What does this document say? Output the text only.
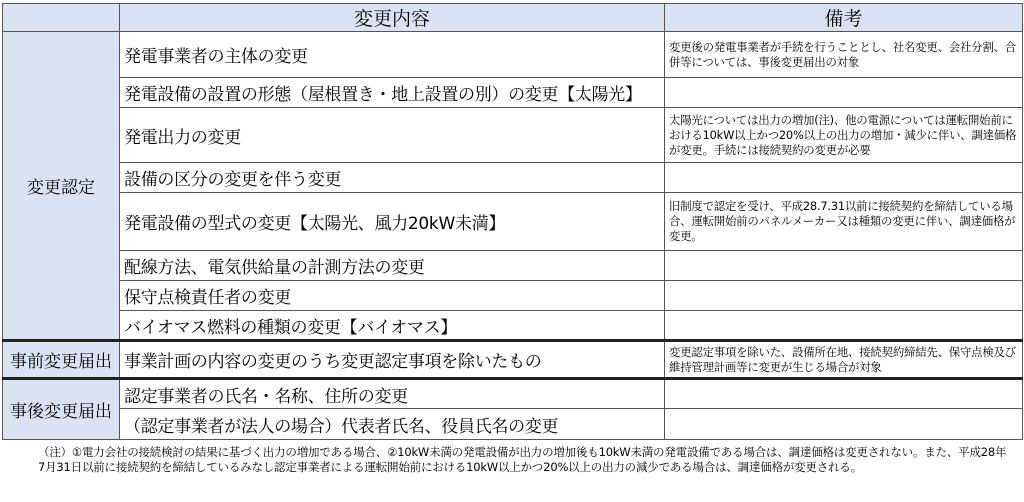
	変更内容	備考
変更認定	発電事業者の主体の変更	変更後の発電事業者が手続を行うこととし、社名変更、会社分割、合併等については、事後変更届出の対象
	発電設備の設置の形態（屋根置き・地上設置の別）の変更【太陽光】	
	発電出力の変更	太陽光については出力の増加(注)、他の電源については運転開始前における10kW以上かつ20%以上の出力の増加・減少に伴い、調達価格が変更。手続には接続契約の変更が必要
	設備の区分の変更を伴う変更	
	発電設備の型式の変更【太陽光、風力20kW未満】	旧制度で認定を受け、平成28.7.31以前に接続契約を締結している場合、運転開始前のパネルメーカー又は種類の変更に伴い、調達価格が変更。
	配線方法、電気供給量の計測方法の変更	
	保守点検責任者の変更	
	バイオマス燃料の種類の変更【バイオマス】	
事前変更届出	事業計画の内容の変更のうち変更認定事項を除いたもの	変更認定事項を除いた、設備所在地、接続契約締結先、保守点検及び維持管理計画等に変更が生じる場合が対象
事後変更届出	認定事業者の氏名・名称、住所の変更	
	（認定事業者が法人の場合）代表者氏名、役員氏名の変更	
（注）①電力会社の接続検討の結果に基づく出力の増加である場合、②10kW未満の発電設備が出力の増加後も10kW未満の発電設備である場合は、調達価格は変更されない。また、平成28年7月31日以前に接続契約を締結しているみなし認定事業者による運転開始前における10kW以上かつ20%以上の出力の減少である場合は、調達価格が変更される。
